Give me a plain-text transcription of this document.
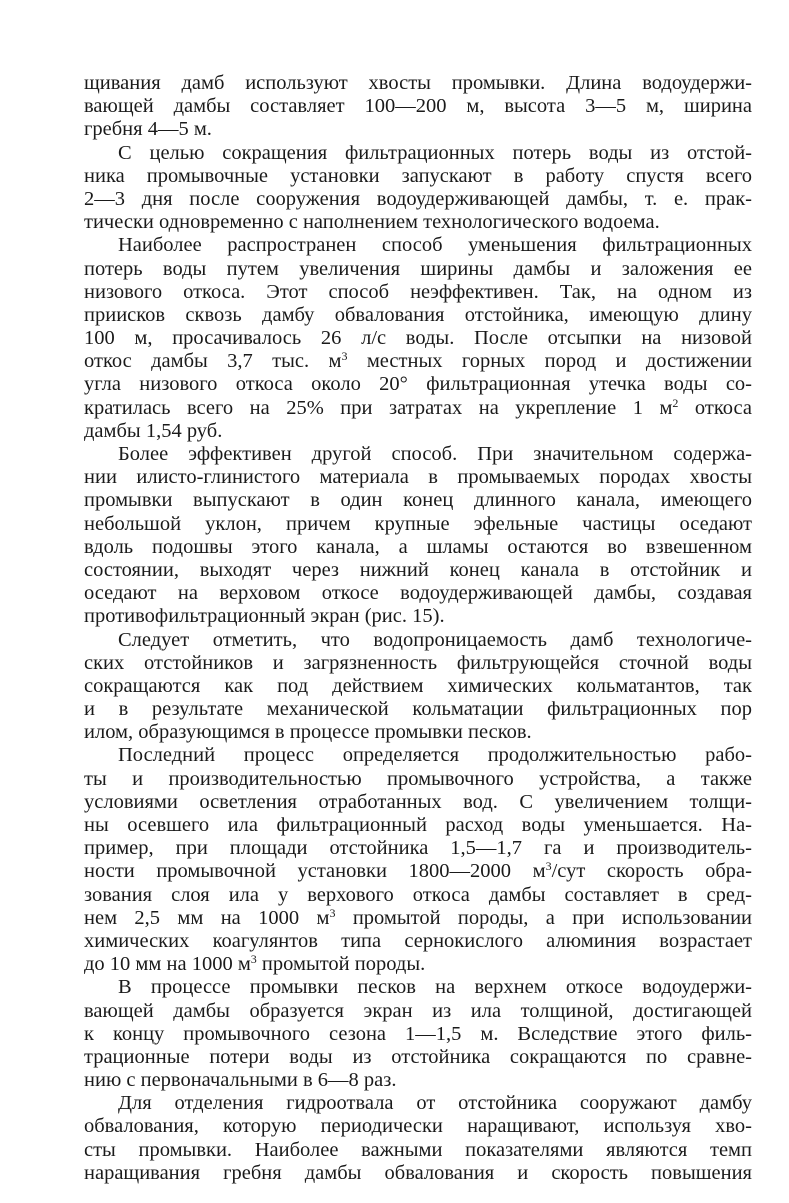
щивания дамб используют хвосты промывки. Длина водоудержи-
вающей дамбы составляет 100—200 м, высота 3—5 м, ширина
гребня 4—5 м.
С целью сокращения фильтрационных потерь воды из отстой-
ника промывочные установки запускают в работу спустя всего
2—3 дня после сооружения водоудерживающей дамбы, т. е. прак-
тически одновременно с наполнением технологического водоема.
Наиболее распространен способ уменьшения фильтрационных
потерь воды путем увеличения ширины дамбы и заложения ее
низового откоса. Этот способ неэффективен. Так, на одном из
приисков сквозь дамбу обвалования отстойника, имеющую длину
100 м, просачивалось 26 л/с воды. После отсыпки на низовой
откос дамбы 3,7 тыс. $м^3$ местных горных пород и достижении
угла низового откоса около 20° фильтрационная утечка воды со-
кратилась всего на 25% при затратах на укрепление 1 $м^2$ откоса
дамбы 1,54 руб.
Более эффективен другой способ. При значительном содержа-
нии илисто-глинистого материала в промываемых породах хвосты
промывки выпускают в один конец длинного канала, имеющего
небольшой уклон, причем крупные эфельные частицы оседают
вдоль подошвы этого канала, а шламы остаются во взвешенном
состоянии, выходят через нижний конец канала в отстойник и
оседают на верховом откосе водоудерживающей дамбы, создавая
противофильтрационный экран (рис. 15).
Следует отметить, что водопроницаемость дамб технологиче-
ских отстойников и загрязненность фильтрующейся сточной воды
сокращаются как под действием химических кольматантов, так
и в результате механической кольматации фильтрационных пор
илом, образующимся в процессе промывки песков.
Последний процесс определяется продолжительностью рабо-
ты и производительностью промывочного устройства, а также
условиями осветления отработанных вод. С увеличением толщи-
ны осевшего ила фильтрационный расход воды уменьшается. На-
пример, при площади отстойника 1,5—1,7 га и производитель-
ности промывочной установки 1800—2000 $м^3$/сут скорость обра-
зования слоя ила у верхового откоса дамбы составляет в сред-
нем 2,5 мм на 1000 $м^3$ промытой породы, а при использовании
химических коагулянтов типа сернокислого алюминия возрастает
до 10 мм на 1000 $м^3$ промытой породы.
В процессе промывки песков на верхнем откосе водоудержи-
вающей дамбы образуется экран из ила толщиной, достигающей
к концу промывочного сезона 1—1,5 м. Вследствие этого филь-
трационные потери воды из отстойника сокращаются по сравне-
нию с первоначальными в 6—8 раз.
Для отделения гидроотвала от отстойника сооружают дамбу
обвалования, которую периодически наращивают, используя хво-
сты промывки. Наиболее важными показателями являются темп
наращивания гребня дамбы обвалования и скорость повышения
